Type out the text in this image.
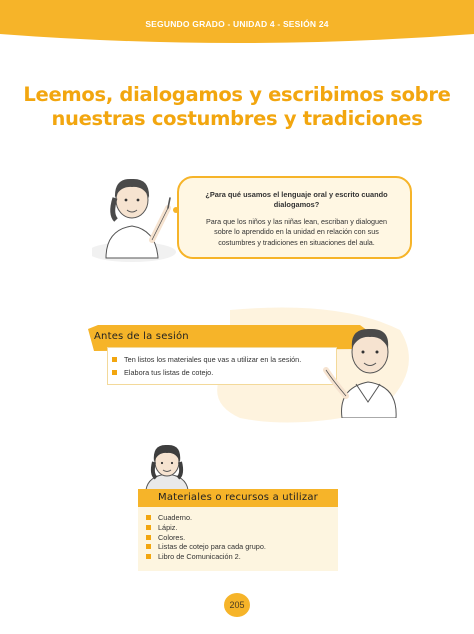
SEGUNDO GRADO - UNIDAD 4 - SESIÓN 24
Leemos, dialogamos y escribimos sobre
nuestras costumbres y tradiciones
¿Para qué usamos el lenguaje oral y escrito cuando
dialogamos?
Para que los niños y las niñas lean, escriban y dialoguen
sobre lo aprendido en la unidad en relación con sus
costumbres y tradiciones en situaciones del aula.
Antes de la sesión
Ten listos los materiales que vas a utilizar en la sesión.
Elabora tus listas de cotejo.
Materiales o recursos a utilizar
Cuaderno.
Lápiz.
Colores.
Listas de cotejo para cada grupo.
Libro de Comunicación 2.
205
